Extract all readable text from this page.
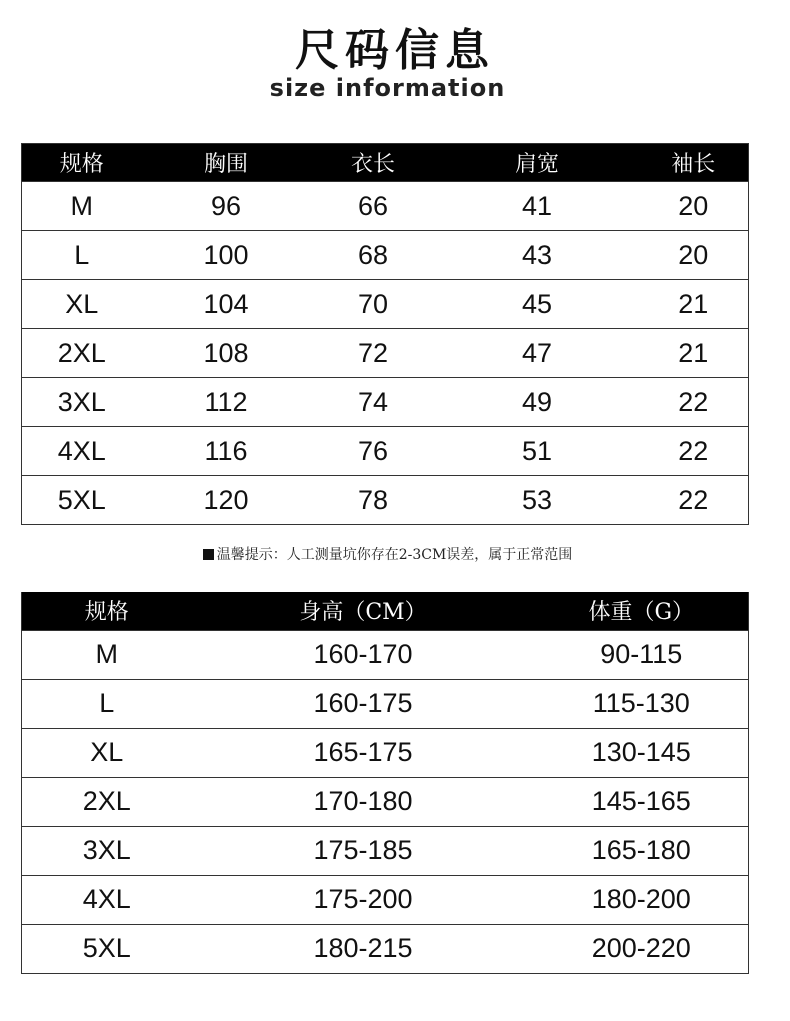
尺码信息
size information
规格	胸围	衣长	肩宽	袖长
M	96	66	41	20
L	100	68	43	20
XL	104	70	45	21
2XL	108	72	47	21
3XL	112	74	49	22
4XL	116	76	51	22
5XL	120	78	53	22
温馨提示：人工测量坑你存在2-3CM误差，属于正常范围
规格	身高（CM）	体重（G）
M	160-170	90-115
L	160-175	115-130
XL	165-175	130-145
2XL	170-180	145-165
3XL	175-185	165-180
4XL	175-200	180-200
5XL	180-215	200-220
